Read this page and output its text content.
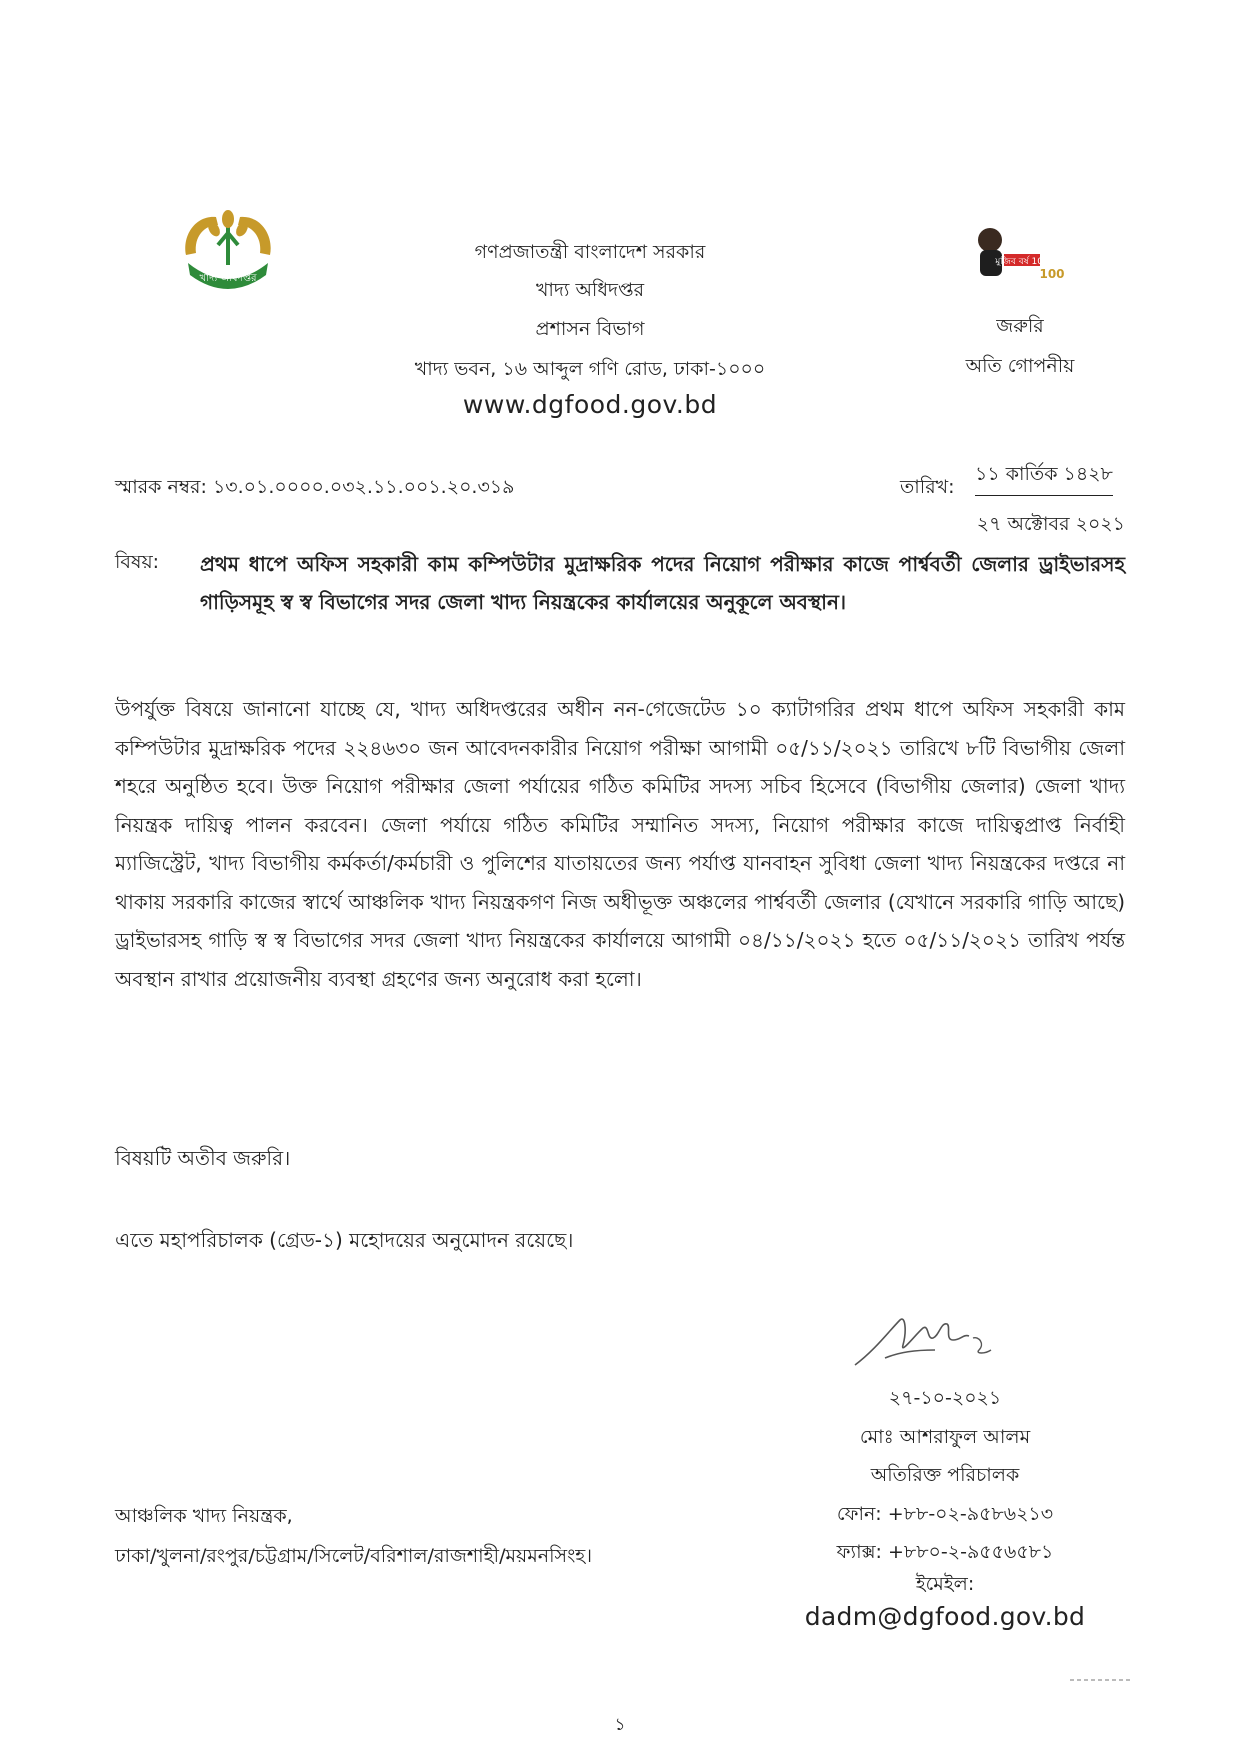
খাদ্য অধিদপ্তর
গণপ্রজাতন্ত্রী বাংলাদেশ সরকার
খাদ্য অধিদপ্তর
প্রশাসন বিভাগ
খাদ্য ভবন, ১৬ আব্দুল গণি রোড, ঢাকা-১০০০
www.dgfood.gov.bd
মুজিব বর্ষ 100
100
জরুরি
অতি গোপনীয়
স্মারক নম্বর: ১৩.০১.০০০০.০৩২.১১.০০১.২০.৩১৯	তারিখ:
১১ কার্তিক ১৪২৮
২৭ অক্টোবর ২০২১
বিষয়: প্রথম ধাপে অফিস সহকারী কাম কম্পিউটার মুদ্রাক্ষরিক পদের নিয়োগ পরীক্ষার কাজে পার্শ্ববর্তী জেলার ড্রাইভারসহ গাড়িসমূহ স্ব স্ব বিভাগের সদর জেলা খাদ্য নিয়ন্ত্রকের কার্যালয়ের অনুকূলে অবস্থান।
উপর্যুক্ত বিষয়ে জানানো যাচ্ছে যে, খাদ্য অধিদপ্তরের অধীন নন-গেজেটেড ১০ ক্যাটাগরির প্রথম ধাপে অফিস সহকারী কাম কম্পিউটার মুদ্রাক্ষরিক পদের ২২৪৬৩০ জন আবেদনকারীর নিয়োগ পরীক্ষা আগামী ০৫/১১/২০২১ তারিখে ৮টি বিভাগীয় জেলা শহরে অনুষ্ঠিত হবে। উক্ত নিয়োগ পরীক্ষার জেলা পর্যায়ের গঠিত কমিটির সদস্য সচিব হিসেবে (বিভাগীয় জেলার) জেলা খাদ্য নিয়ন্ত্রক দায়িত্ব পালন করবেন। জেলা পর্যায়ে গঠিত কমিটির সম্মানিত সদস্য, নিয়োগ পরীক্ষার কাজে দায়িত্বপ্রাপ্ত নির্বাহী ম্যাজিস্ট্রেট, খাদ্য বিভাগীয় কর্মকর্তা/কর্মচারী ও পুলিশের যাতায়তের জন্য পর্যাপ্ত যানবাহন সুবিধা জেলা খাদ্য নিয়ন্ত্রকের দপ্তরে না থাকায় সরকারি কাজের স্বার্থে আঞ্চলিক খাদ্য নিয়ন্ত্রকগণ নিজ অধীভূক্ত অঞ্চলের পার্শ্ববর্তী জেলার (যেখানে সরকারি গাড়ি আছে) ড্রাইভারসহ গাড়ি স্ব স্ব বিভাগের সদর জেলা খাদ্য নিয়ন্ত্রকের কার্যালয়ে আগামী ০৪/১১/২০২১ হতে ০৫/১১/২০২১ তারিখ পর্যন্ত অবস্থান রাখার প্রয়োজনীয় ব্যবস্থা গ্রহণের জন্য অনুরোধ করা হলো।
বিষয়টি অতীব জরুরি।
এতে মহাপরিচালক (গ্রেড-১) মহোদয়ের অনুমোদন রয়েছে।
২৭-১০-২০২১
মোঃ আশরাফুল আলম
অতিরিক্ত পরিচালক
ফোন: +৮৮-০২-৯৫৮৬২১৩
ফ্যাক্স: +৮৮০-২-৯৫৫৬৫৮১
ইমেইল: dadm@dgfood.gov.bd
আঞ্চলিক খাদ্য নিয়ন্ত্রক,
ঢাকা/খুলনা/রংপুর/চট্টগ্রাম/সিলেট/বরিশাল/রাজশাহী/ময়মনসিংহ।
১
